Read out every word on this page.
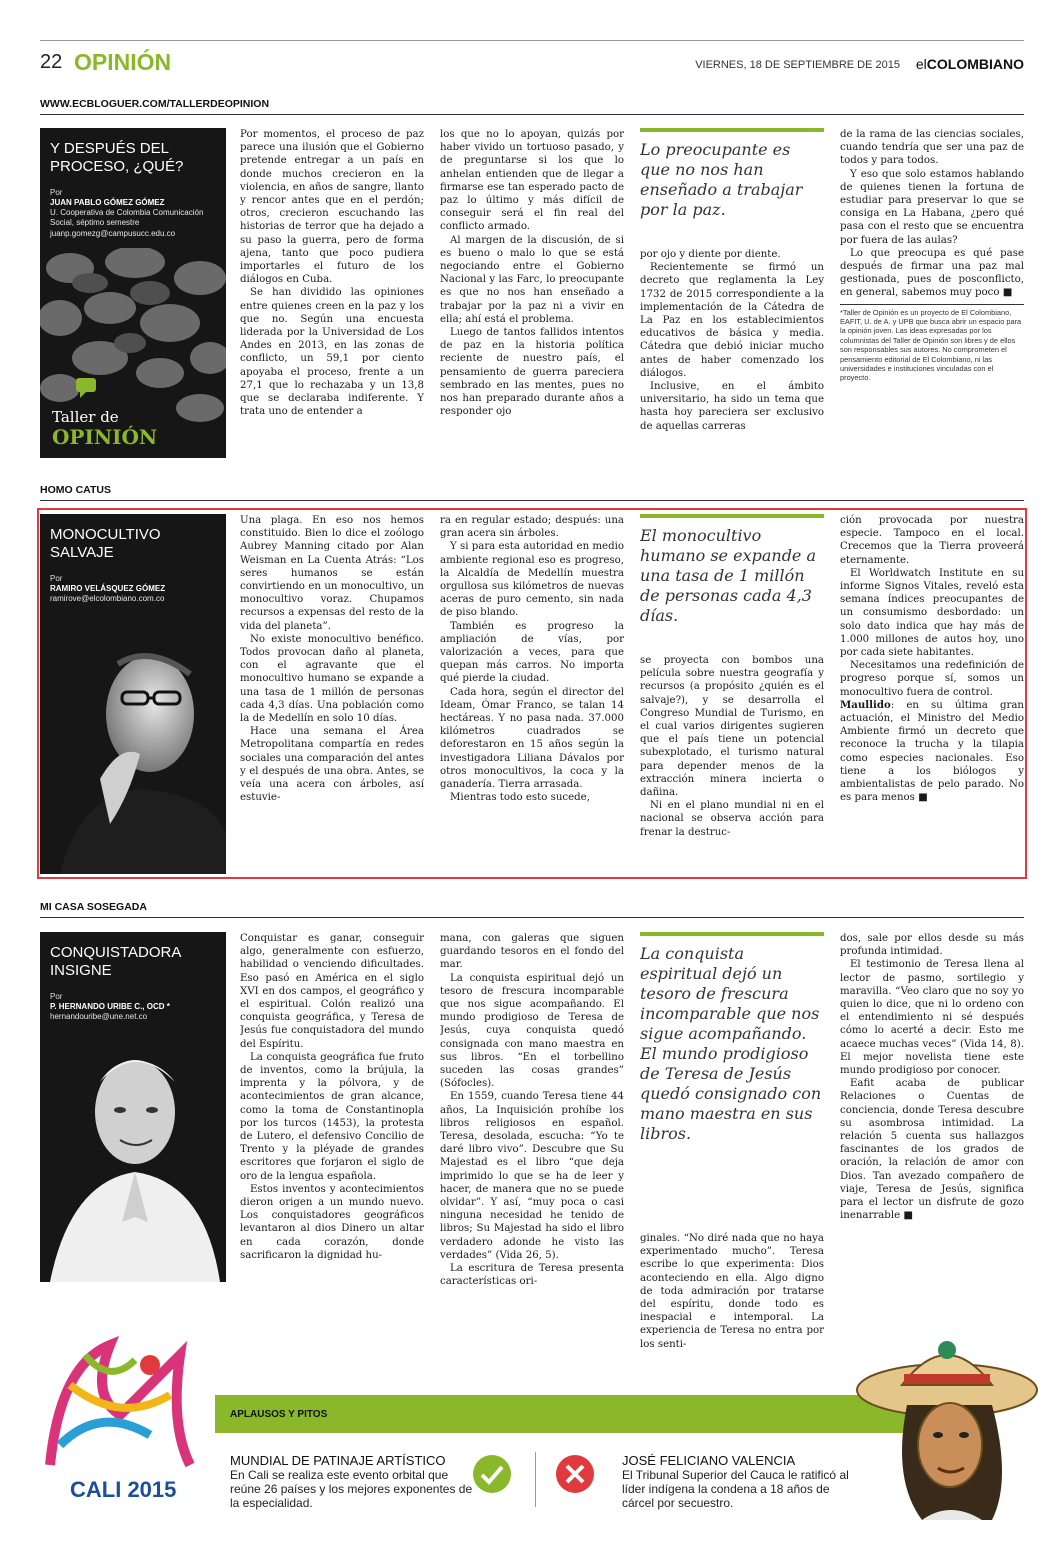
22 OPINIÓN	VIERNES, 18 DE SEPTIEMBRE DE 2015 elCOLOMBIANO
WWW.ECBLOGUER.COM/TALLERDEOPINION
Y DESPUÉS DEL PROCESO, ¿QUÉ?
Por
JUAN PABLO GÓMEZ GÓMEZ
U. Cooperativa de Colombia Comunicación Social, séptimo semestre
juanp.gomezg@campusucc.edu.co
Taller de
OPINIÓN

Por momentos, el proceso de paz parece una ilusión que el Gobierno pretende entregar a un país en donde muchos crecieron en la violencia, en años de sangre, llanto y rencor antes que en el perdón; otros, crecieron escuchando las historias de terror que ha dejado a su paso la guerra, pero de forma ajena, tanto que poco pudiera importarles el futuro de los diálogos en Cuba.

Se han dividido las opiniones entre quienes creen en la paz y los que no. Según una encuesta liderada por la Universidad de Los Andes en 2013, en las zonas de conflicto, un 59,1 por ciento apoyaba el proceso, frente a un 27,1 que lo rechazaba y un 13,8 que se declaraba indiferente. Y trata uno de entender a

los que no lo apoyan, quizás por haber vivido un tortuoso pasado, y de preguntarse si los que lo anhelan entienden que de llegar a firmarse ese tan esperado pacto de paz lo último y más difícil de conseguir será el fin real del conflicto armado.

Al margen de la discusión, de si es bueno o malo lo que se está negociando entre el Gobierno Nacional y las Farc, lo preocupante es que no nos han enseñado a trabajar por la paz ni a vivir en ella; ahí está el problema.

Luego de tantos fallidos intentos de paz en la historia política reciente de nuestro país, el pensamiento de guerra pareciera sembrado en las mentes, pues no nos han preparado durante años a responder ojo

Lo preocupante es que no nos han enseñado a trabajar por la paz.

por ojo y diente por diente.

Recientemente se firmó un decreto que reglamenta la Ley 1732 de 2015 correspondiente a la implementación de la Cátedra de La Paz en los establecimientos educativos de básica y media. Cátedra que debió iniciar mucho antes de haber comenzado los diálogos.

Inclusive, en el ámbito universitario, ha sido un tema que hasta hoy pareciera ser exclusivo de aquellas carreras

de la rama de las ciencias sociales, cuando tendría que ser una paz de todos y para todos.

Y eso que solo estamos hablando de quienes tienen la fortuna de estudiar para preservar lo que se consiga en La Habana, ¿pero qué pasa con el resto que se encuentra por fuera de las aulas?

Lo que preocupa es qué pase después de firmar una paz mal gestionada, pues de posconflicto, en general, sabemos muy poco ■

*Taller de Opinión es un proyecto de El Colombiano, EAFIT, U. de A. y UPB que busca abrir un espacio para la opinión joven. Las ideas expresadas por los columnistas del Taller de Opinión son libres y de ellos son responsables sus autores. No comprometen el pensamiento editorial de El Colombiano, ni las universidades e instituciones vinculadas con el proyecto.
HOMO CATUS
MONOCULTIVO SALVAJE
Por
RAMIRO VELÁSQUEZ GÓMEZ
ramirove@elcolombiano.com.co

Una plaga. En eso nos hemos constituido. Bien lo dice el zoólogo Aubrey Manning citado por Alan Weisman en La Cuenta Atrás: “Los seres humanos se están convirtiendo en un monocultivo, un monocultivo voraz. Chupamos recursos a expensas del resto de la vida del planeta”.

No existe monocultivo benéfico. Todos provocan daño al planeta, con el agravante que el monocultivo humano se expande a una tasa de 1 millón de personas cada 4,3 días. Una población como la de Medellín en solo 10 días.

Hace una semana el Área Metropolitana compartía en redes sociales una comparación del antes y el después de una obra. Antes, se veía una acera con árboles, así estuvie-

ra en regular estado; después: una gran acera sin árboles.

Y si para esta autoridad en medio ambiente regional eso es progreso, la Alcaldía de Medellín muestra orgullosa sus kilómetros de nuevas aceras de puro cemento, sin nada de piso blando.

También es progreso la ampliación de vías, por valorización a veces, para que quepan más carros. No importa qué pierde la ciudad.

Cada hora, según el director del Ideam, Ómar Franco, se talan 14 hectáreas. Y no pasa nada. 37.000 kilómetros cuadrados se deforestaron en 15 años según la investigadora Liliana Dávalos por otros monocultivos, la coca y la ganadería. Tierra arrasada.

Mientras todo esto sucede,

El monocultivo humano se expande a una tasa de 1 millón de personas cada 4,3 días.

se proyecta con bombos una película sobre nuestra geografía y recursos (a propósito ¿quién es el salvaje?), y se desarrolla el Congreso Mundial de Turismo, en el cual varios dirigentes sugieren que el país tiene un potencial subexplotado, el turismo natural para depender menos de la extracción minera incierta o dañina.

Ni en el plano mundial ni en el nacional se observa acción para frenar la destruc-

ción provocada por nuestra especie. Tampoco en el local. Crecemos que la Tierra proveerá eternamente.

El Worldwatch Institute en su informe Signos Vitales, reveló esta semana índices preocupantes de un consumismo desbordado: un solo dato indica que hay más de 1.000 millones de autos hoy, uno por cada siete habitantes.

Necesitamos una redefinición de progreso porque sí, somos un monocultivo fuera de control.

Maullido: en su última gran actuación, el Ministro del Medio Ambiente firmó un decreto que reconoce la trucha y la tilapia como especies nacionales. Eso tiene a los biólogos y ambientalistas de pelo parado. No es para menos ■

MI CASA SOSEGADA
CONQUISTADORA INSIGNE
Por
P. HERNANDO URIBE C., OCD *
hernandouribe@une.net.co

Conquistar es ganar, conseguir algo, generalmente con esfuerzo, habilidad o venciendo dificultades. Eso pasó en América en el siglo XVI en dos campos, el geográfico y el espiritual. Colón realizó una conquista geográfica, y Teresa de Jesús fue conquistadora del mundo del Espíritu.

La conquista geográfica fue fruto de inventos, como la brújula, la imprenta y la pólvora, y de acontecimientos de gran alcance, como la toma de Constantinopla por los turcos (1453), la protesta de Lutero, el defensivo Concilio de Trento y la pléyade de grandes escritores que forjaron el siglo de oro de la lengua española.

Estos inventos y acontecimientos dieron origen a un mundo nuevo. Los conquistadores geográficos levantaron al dios Dinero un altar en cada corazón, donde sacrificaron la dignidad hu-

mana, con galeras que siguen guardando tesoros en el fondo del mar.

La conquista espiritual dejó un tesoro de frescura incomparable que nos sigue acompañando. El mundo prodigioso de Teresa de Jesús, cuya conquista quedó consignada con mano maestra en sus libros. “En el torbellino suceden las cosas grandes” (Sófocles).

En 1559, cuando Teresa tiene 44 años, La Inquisición prohíbe los libros religiosos en español. Teresa, desolada, escucha: “Yo te daré libro vivo”. Descubre que Su Majestad es el libro “que deja imprimido lo que se ha de leer y hacer, de manera que no se puede olvidar”. Y así, “muy poca o casi ninguna necesidad he tenido de libros; Su Majestad ha sido el libro verdadero adonde he visto las verdades” (Vida 26, 5).

La escritura de Teresa presenta características ori-

La conquista espiritual dejó un tesoro de frescura incomparable que nos sigue acompañando. El mundo prodigioso de Teresa de Jesús quedó consignado con mano maestra en sus libros.

ginales. “No diré nada que no haya experimentado mucho”. Teresa escribe lo que experimenta: Dios aconteciendo en ella. Algo digno de toda admiración por tratarse del espíritu, donde todo es inespacial e intemporal. La experiencia de Teresa no entra por los senti-

dos, sale por ellos desde su más profunda intimidad.

El testimonio de Teresa llena al lector de pasmo, sortilegio y maravilla. “Veo claro que no soy yo quien lo dice, que ni lo ordeno con el entendimiento ni sé después cómo lo acerté a decir. Esto me acaece muchas veces” (Vida 14, 8). El mejor novelista tiene este mundo prodigioso por conocer.

Eafit acaba de publicar Relaciones o Cuentas de conciencia, donde Teresa descubre su asombrosa intimidad. La relación 5 cuenta sus hallazgos fascinantes de los grados de oración, la relación de amor con Dios. Tan avezado compañero de viaje, Teresa de Jesús, significa para el lector un disfrute de gozo inenarrable ■

CALI 2015
APLAUSOS Y PITOS
MUNDIAL DE PATINAJE ARTÍSTICO
En Cali se realiza este evento orbital que reúne 26 países y los mejores exponentes de la especialidad.
JOSÉ FELICIANO VALENCIA
El Tribunal Superior del Cauca le ratificó al líder indígena la condena a 18 años de cárcel por secuestro.
